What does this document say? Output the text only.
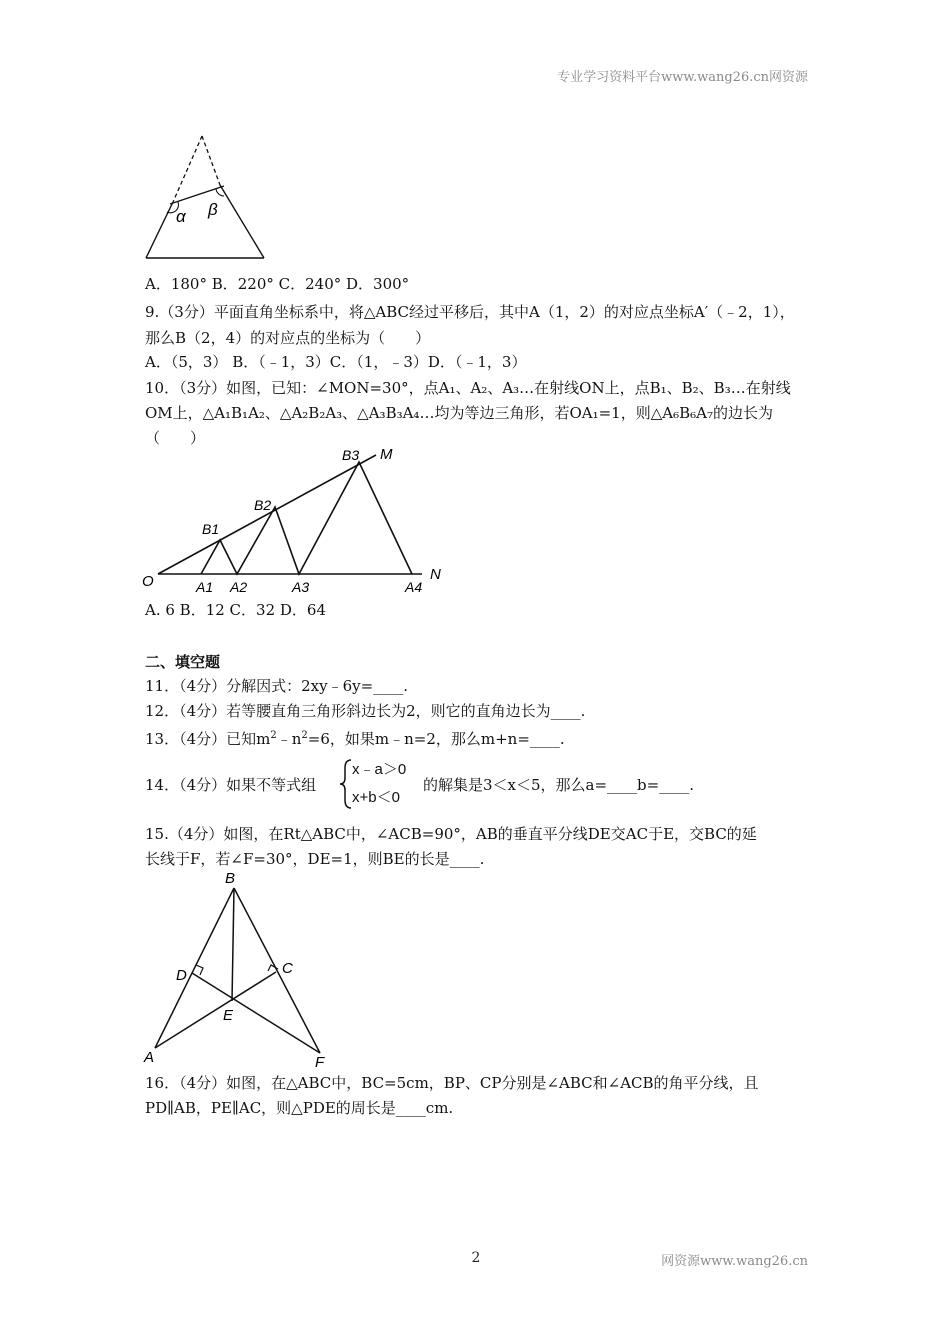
专业学习资料平台www.wang26.cn网资源
α β
A．180° B．220° C．240° D．300°
9.（3分）平面直角坐标系中，将△ABC经过平移后，其中A（1，2）的对应点坐标A′（﹣2，1），
那么B（2，4）的对应点的坐标为（　　）
A．（5，3） B．（﹣1，3）C．（1，﹣3）D．（﹣1，3）
10．（3分）如图，已知：∠MON=30°，点A₁、A₂、A₃…在射线ON上，点B₁、B₂、B₃…在射线
OM上，△A₁B₁A₂、△A₂B₂A₃、△A₃B₃A₄…均为等边三角形，若OA₁=1，则△A₆B₆A₇的边长为
（　　）
O	A1 A2	A3	A4
N
B1
B2
B3 M
A. 6 B．12 C．32 D．64
二、填空题
11．（4分）分解因式：2xy﹣6y=____.
12．（4分）若等腰直角三角形斜边长为2，则它的直角边长为____.
13．（4分）已知$m^2﹣n^2=6$，如果m﹣n=2，那么m+n=____.
14．（4分）如果不等式组
x﹣a＞0
x+b＜0
的解集是3＜x＜5，那么a=____b=____.
15.（4分）如图，在Rt△ABC中，∠ACB=90°，AB的垂直平分线DE交AC于E，交BC的延
长线于F，若∠F=30°，DE=1，则BE的长是____.
B
D	C
E
A	F
16．（4分）如图，在△ABC中，BC=5cm，BP、CP分别是∠ABC和∠ACB的角平分线，且
PD∥AB，PE∥AC，则△PDE的周长是____cm.
2	网资源www.wang26.cn
